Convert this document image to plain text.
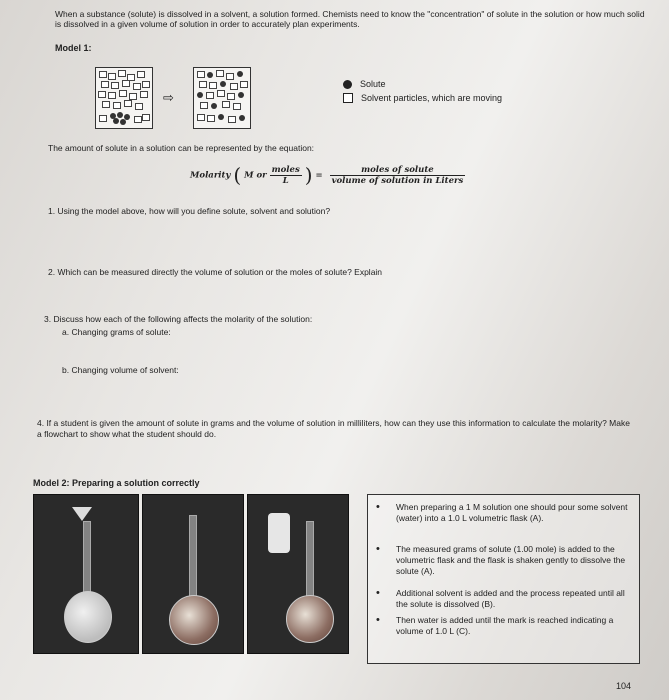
When a substance (solute) is dissolved in a solvent, a solution formed. Chemists need to know the "concentration" of solute in the solution or how much solid is dissolved in a given volume of solution in order to accurately plan experiments.
Model 1:
⇨
Solute
Solvent particles, which are moving
The amount of solute in a solution can be represented by the equation:
Molarity ( M or $\frac{\text{moles}}{L}$ ) = $\frac{\text{moles of solute}}{\text{volume of solution in Liters}}$
1. Using the model above, how will you define solute, solvent and solution?
2. Which can be measured directly the volume of solution or the moles of solute? Explain
3. Discuss how each of the following affects the molarity of the solution:
a. Changing grams of solute:
b. Changing volume of solvent:
4. If a student is given the amount of solute in grams and the volume of solution in milliliters, how can they use this information to calculate the molarity? Make a flowchart to show what the student should do.
Model 2: Preparing a solution correctly
• When preparing a 1 M solution one should pour some solvent (water) into a 1.0 L volumetric flask (A).
• The measured grams of solute (1.00 mole) is added to the volumetric flask and the flask is shaken gently to dissolve the solute (A).
• Additional solvent is added and the process repeated until all the solute is dissolved (B).
• Then water is added until the mark is reached indicating a volume of 1.0 L (C).
104
